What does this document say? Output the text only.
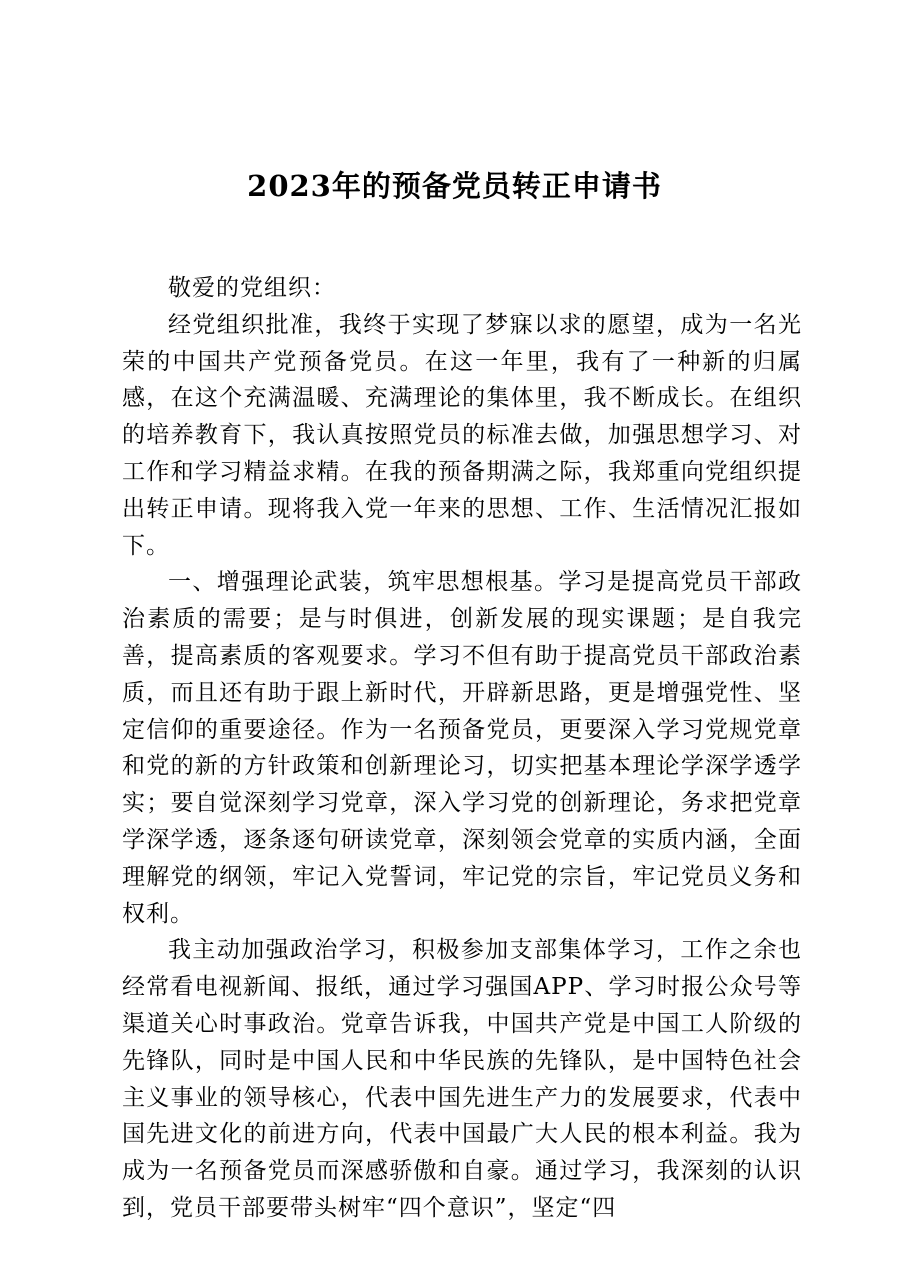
2023年的预备党员转正申请书

敬爱的党组织：

经党组织批准，我终于实现了梦寐以求的愿望，成为一名光荣的中国共产党预备党员。在这一年里，我有了一种新的归属感，在这个充满温暖、充满理论的集体里，我不断成长。在组织的培养教育下，我认真按照党员的标准去做，加强思想学习、对工作和学习精益求精。在我的预备期满之际，我郑重向党组织提出转正申请。现将我入党一年来的思想、工作、生活情况汇报如下。

一、增强理论武装，筑牢思想根基。学习是提高党员干部政治素质的需要；是与时俱进，创新发展的现实课题；是自我完善，提高素质的客观要求。学习不但有助于提高党员干部政治素质，而且还有助于跟上新时代，开辟新思路，更是增强党性、坚定信仰的重要途径。作为一名预备党员，更要深入学习党规党章和党的新的方针政策和创新理论习，切实把基本理论学深学透学实；要自觉深刻学习党章，深入学习党的创新理论，务求把党章学深学透，逐条逐句研读党章，深刻领会党章的实质内涵，全面理解党的纲领，牢记入党誓词，牢记党的宗旨，牢记党员义务和权利。

我主动加强政治学习，积极参加支部集体学习，工作之余也经常看电视新闻、报纸，通过学习强国APP、学习时报公众号等渠道关心时事政治。党章告诉我，中国共产党是中国工人阶级的先锋队，同时是中国人民和中华民族的先锋队，是中国特色社会主义事业的领导核心，代表中国先进生产力的发展要求，代表中国先进文化的前进方向，代表中国最广大人民的根本利益。我为成为一名预备党员而深感骄傲和自豪。通过学习，我深刻的认识到，党员干部要带头树牢“四个意识”，坚定“四
